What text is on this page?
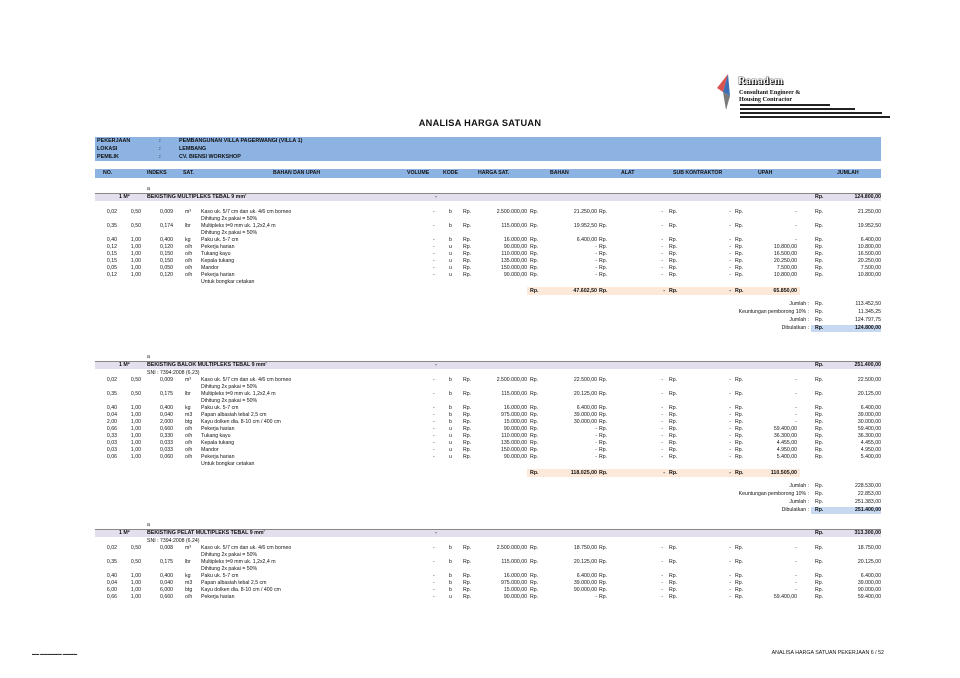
Ranadem
Consultant Engineer &
Housing Contractor
ANALISA HARGA SATUAN
PEKERJAAN	:	PEMBANGUNAN VILLA PAGERWANGI (VILLA 1)
LOKASI	:	LEMBANG
PEMILIK	:	CV. BIENSI WORKSHOP
NO.	INDEKS	SAT.	BAHAN DAN UPAH	VOLUME	KODE	HARGA SAT.	BAHAN	ALAT	SUB KONTRAKTOR	UPAH	JUMLAH
a
1 M²	BEKISTING MULTIPLEKS TEBAL 9 mm'	-	Rp.	124.800,00
0,02	0,50	0,009 m³ Kaso uk. 5/7 cm dan uk. 4/6 cm borneo	-	b Rp.	2.500.000,00 Rp.	21.250,00 Rp.	- Rp.	- Rp.	-	Rp.	21.250,00
Dihitung 2x pakai = 50%
0,35	0,50	0,174 lbr Multipleks t=9 mm uk. 1,2x2,4 m	-	b Rp.	115.000,00 Rp.	19.952,50 Rp.	- Rp.	- Rp.	-	Rp.	19.952,50
Dihitung 2x pakai = 50%
0,40	1,00	0,400 kg Paku uk. 5-7 cm	-	b Rp.	16.000,00 Rp.	6.400,00 Rp.	- Rp.	- Rp.	-	Rp.	6.400,00
0,12	1,00	0,120 o/h Pekerja harian	-	u Rp.	90.000,00 Rp.	- Rp.	- Rp.	- Rp.	10.800,00	Rp.	10.800,00
0,15	1,00	0,150 o/h Tukang kayu	-	u Rp.	110.000,00 Rp.	- Rp.	- Rp.	- Rp.	16.500,00	Rp.	16.500,00
0,15	1,00	0,150 o/h Kepala tukang	-	u Rp.	135.000,00 Rp.	- Rp.	- Rp.	- Rp.	20.250,00	Rp.	20.250,00
0,05	1,00	0,050 o/h Mandor	-	u Rp.	150.000,00 Rp.	- Rp.	- Rp.	- Rp.	7.500,00	Rp.	7.500,00
0,12	1,00	0,120 o/h Pekerja harian	-	u Rp.	90.000,00 Rp.	- Rp.	- Rp.	- Rp.	10.800,00	Rp.	10.800,00
Untuk bongkar cetakan
Rp.	47.602,50 Rp.	- Rp.	- Rp.	65.850,00
Jumlah : Rp.	113.452,50
Keuntungan pemborong 10% : Rp.	11.345,25
Jumlah : Rp.	124.797,75
Dibulatkan : Rp.	124.800,00
a
1 M²	BEKISTING BALOK MULTIPLEKS TEBAL 9 mm'	-	Rp.	251.400,00
SNI : 7394:2008 (6.23)
0,02	0,50	0,009 m³ Kaso uk. 5/7 cm dan uk. 4/6 cm borneo	-	b Rp.	2.500.000,00 Rp.	22.500,00 Rp.	- Rp.	- Rp.	-	Rp.	22.500,00
Dihitung 2x pakai = 50%
0,35	0,50	0,175 lbr Multipleks t=9 mm uk. 1,2x2,4 m	-	b Rp.	115.000,00 Rp.	20.125,00 Rp.	- Rp.	- Rp.	-	Rp.	20.125,00
Dihitung 2x pakai = 50%
0,40	1,00	0,400 kg Paku uk. 5-7 cm	-	b Rp.	16.000,00 Rp.	6.400,00 Rp.	- Rp.	- Rp.	-	Rp.	6.400,00
0,04	1,00	0,040 m3 Papan albasiah tebal 2,5 cm	-	b Rp.	975.000,00 Rp.	39.000,00 Rp.	- Rp.	- Rp.	-	Rp.	39.000,00
2,00	1,00	2,000 btg Kayu dolken dia. 8-10 cm / 400 cm	-	b Rp.	15.000,00 Rp.	30.000,00 Rp.	- Rp.	- Rp.	-	Rp.	30.000,00
0,66	1,00	0,660 o/h Pekerja harian	-	u Rp.	90.000,00 Rp.	- Rp.	- Rp.	- Rp.	59.400,00	Rp.	59.400,00
0,33	1,00	0,330 o/h Tukang kayu	-	u Rp.	110.000,00 Rp.	- Rp.	- Rp.	- Rp.	36.300,00	Rp.	36.300,00
0,03	1,00	0,033 o/h Kepala tukang	-	u Rp.	135.000,00 Rp.	- Rp.	- Rp.	- Rp.	4.455,00	Rp.	4.455,00
0,03	1,00	0,033 o/h Mandor	-	u Rp.	150.000,00 Rp.	- Rp.	- Rp.	- Rp.	4.950,00	Rp.	4.950,00
0,06	1,00	0,060 o/h Pekerja harian	-	u Rp.	90.000,00 Rp.	- Rp.	- Rp.	- Rp.	5.400,00	Rp.	5.400,00
Untuk bongkar cetakan
Rp.	118.025,00 Rp.	- Rp.	- Rp.	110.505,00
Jumlah : Rp.	228.530,00
Keuntungan pemborong 10% : Rp.	22.853,00
Jumlah : Rp.	251.383,00
Dibulatkan : Rp.	251.400,00
a
1 M²	BEKISTING PELAT MULTIPLEKS TEBAL 9 mm'	-	Rp.	313.300,00
SNI : 7394:2008 (6.24)
0,02	0,50	0,008 m³ Kaso uk. 5/7 cm dan uk. 4/6 cm borneo	-	b Rp.	2.500.000,00 Rp.	18.750,00 Rp.	- Rp.	- Rp.	-	Rp.	18.750,00
Dihitung 2x pakai = 50%
0,35	0,50	0,175 lbr Multipleks t=9 mm uk. 1,2x2,4 m	-	b Rp.	115.000,00 Rp.	20.125,00 Rp.	- Rp.	- Rp.	-	Rp.	20.125,00
Dihitung 2x pakai = 50%
0,40	1,00	0,400 kg Paku uk. 5-7 cm	-	b Rp.	16.000,00 Rp.	6.400,00 Rp.	- Rp.	- Rp.	-	Rp.	6.400,00
0,04	1,00	0,040 m3 Papan albasiah tebal 2,5 cm	-	b Rp.	975.000,00 Rp.	39.000,00 Rp.	- Rp.	- Rp.	-	Rp.	39.000,00
6,00	1,00	6,000 btg Kayu dolken dia. 8-10 cm / 400 cm	-	b Rp.	15.000,00 Rp.	90.000,00 Rp.	- Rp.	- Rp.	-	Rp.	90.000,00
0,66	1,00	0,660 o/h Pekerja harian	-	u Rp.	90.000,00 Rp.	- Rp.	- Rp.	- Rp.	59.400,00	Rp.	59.400,00
▬▬ ▬▬▬▬▬▬ ▬▬▬▬	ANALISA HARGA SATUAN PEKERJAAN 6 / 52
